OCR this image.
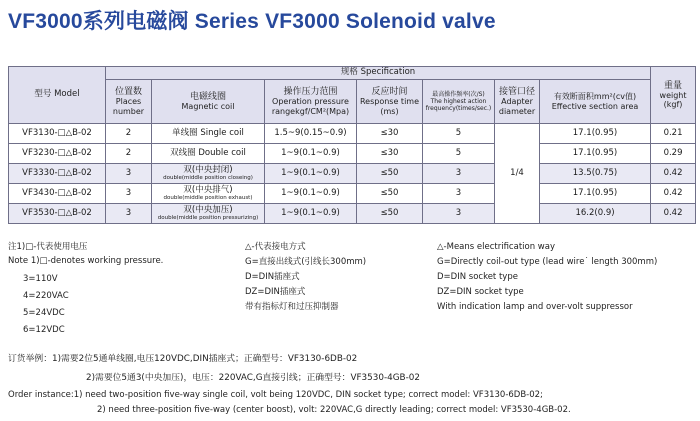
VF3000系列电磁阀 Series VF3000 Solenoid valve
型号 Model	规格 Specification							重量
weight
(kgf)

	位置数
Places
number	电磁线圈
Magnetic coil	操作压力范围
Operation pressure
rangekgf/CM²(Mpa)	反应时间
Response time
(ms)	最高操作频率(次/S)
The highest action
frequency(times/sec.)	接管口径
Adapter
diameter	有效断面积mm²(cv值)
Effective section area	

VF3130-□△B-02	2	单线圈 Single coil	1.5~9(0.15~0.9)	≤30	5	1/4	17.1(0.95)	0.21
VF3230-□△B-02	2	双线圈 Double coil	1~9(0.1~0.9)	≤30	5		17.1(0.95)	0.29
VF3330-□△B-02	3	双(中央封闭)
double(middle position closeing)	1~9(0.1~0.9)	≤50	3		13.5(0.75)	0.42
VF3430-□△B-02	3	双(中央排气)
double(middle position exhaust)	1~9(0.1~0.9)	≤50	3		17.1(0.95)	0.42
VF3530-□△B-02	3	双(中央加压)
double(middle position pressurizing)	1~9(0.1~0.9)	≤50	3		16.2(0.9)	0.42
注1)□-代表使用电压
Note 1)□-denotes working pressure.
3=110V
4=220VAC
5=24VDC
6=12VDC
△-代表接电方式
G=直接出线式(引线长300mm)
D=DIN插座式
DZ=DIN插座式
带有指标灯和过压抑制器
△-Means electrification way
G=Directly coil-out type (lead wire˙ length 300mm)
D=DIN socket type
DZ=DIN socket type
With indication lamp and over-volt suppressor
订货举例：1)需要2位5通单线圈,电压120VDC,DIN插座式；正确型号：VF3130-6DB-02
2)需要位5通3(中央加压)，电压：220VAC,G直接引线；正确型号：VF3530-4GB-02
Order instance:1) need two-position five-way single coil, volt being 120VDC, DIN socket type; correct model: VF3130-6DB-02;
2) need three-position five-way (center boost), volt: 220VAC,G directly leading; correct model: VF3530-4GB-02.
